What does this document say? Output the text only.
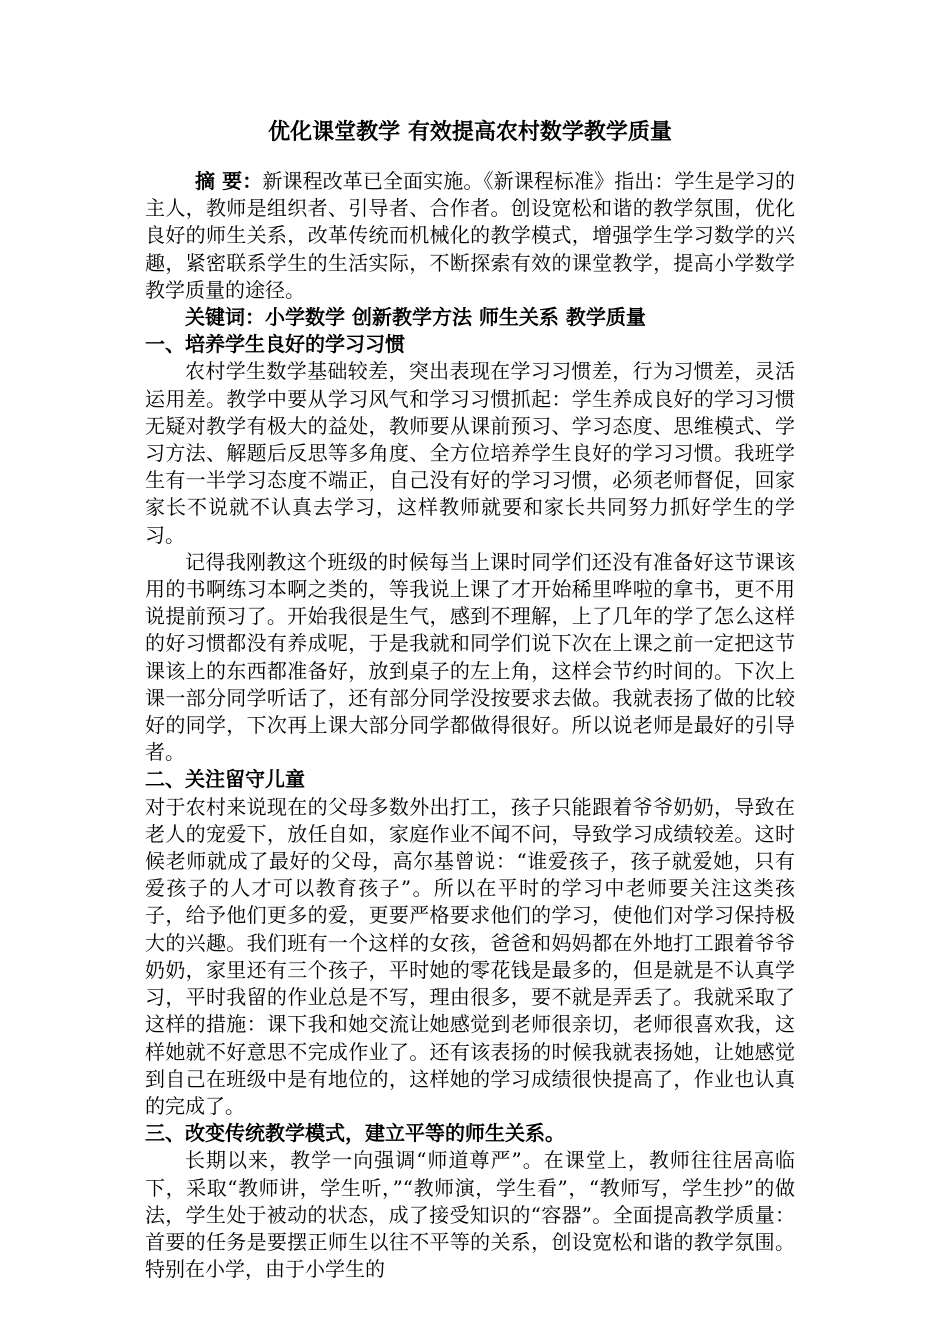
优化课堂教学 有效提高农村数学教学质量

摘 要：新课程改革已全面实施。《新课程标准》指出：学生是学习的主人，教师是组织者、引导者、合作者。创设宽松和谐的教学氛围，优化良好的师生关系，改革传统而机械化的教学模式，增强学生学习数学的兴趣，紧密联系学生的生活实际，不断探索有效的课堂教学，提高小学数学教学质量的途径。

关键词：小学数学 创新教学方法 师生关系 教学质量

一、培养学生良好的学习习惯

农村学生数学基础较差，突出表现在学习习惯差，行为习惯差，灵活运用差。教学中要从学习风气和学习习惯抓起：学生养成良好的学习习惯无疑对教学有极大的益处，教师要从课前预习、学习态度、思维模式、学习方法、解题后反思等多角度、全方位培养学生良好的学习习惯。我班学生有一半学习态度不端正，自己没有好的学习习惯，必须老师督促，回家家长不说就不认真去学习，这样教师就要和家长共同努力抓好学生的学习。

记得我刚教这个班级的时候每当上课时同学们还没有准备好这节课该用的书啊练习本啊之类的，等我说上课了才开始稀里哗啦的拿书，更不用说提前预习了。开始我很是生气，感到不理解，上了几年的学了怎么这样的好习惯都没有养成呢，于是我就和同学们说下次在上课之前一定把这节课该上的东西都准备好，放到桌子的左上角，这样会节约时间的。下次上课一部分同学听话了，还有部分同学没按要求去做。我就表扬了做的比较好的同学，下次再上课大部分同学都做得很好。所以说老师是最好的引导者。

二、关注留守儿童

对于农村来说现在的父母多数外出打工，孩子只能跟着爷爷奶奶，导致在老人的宠爱下，放任自如，家庭作业不闻不问，导致学习成绩较差。这时候老师就成了最好的父母，高尔基曾说：“谁爱孩子，孩子就爱她，只有爱孩子的人才可以教育孩子”。所以在平时的学习中老师要关注这类孩子，给予他们更多的爱，更要严格要求他们的学习，使他们对学习保持极大的兴趣。我们班有一个这样的女孩，爸爸和妈妈都在外地打工跟着爷爷奶奶，家里还有三个孩子，平时她的零花钱是最多的，但是就是不认真学习，平时我留的作业总是不写，理由很多，要不就是弄丢了。我就采取了这样的措施：课下我和她交流让她感觉到老师很亲切，老师很喜欢我，这样她就不好意思不完成作业了。还有该表扬的时候我就表扬她，让她感觉到自己在班级中是有地位的，这样她的学习成绩很快提高了，作业也认真的完成了。

三、改变传统教学模式，建立平等的师生关系。

长期以来，教学一向强调“师道尊严”。在课堂上，教师往往居高临下，采取“教师讲，学生听，”“教师演，学生看”，“教师写，学生抄”的做法，学生处于被动的状态，成了接受知识的“容器”。全面提高教学质量：首要的任务是要摆正师生以往不平等的关系，创设宽松和谐的教学氛围。特别在小学，由于小学生的
